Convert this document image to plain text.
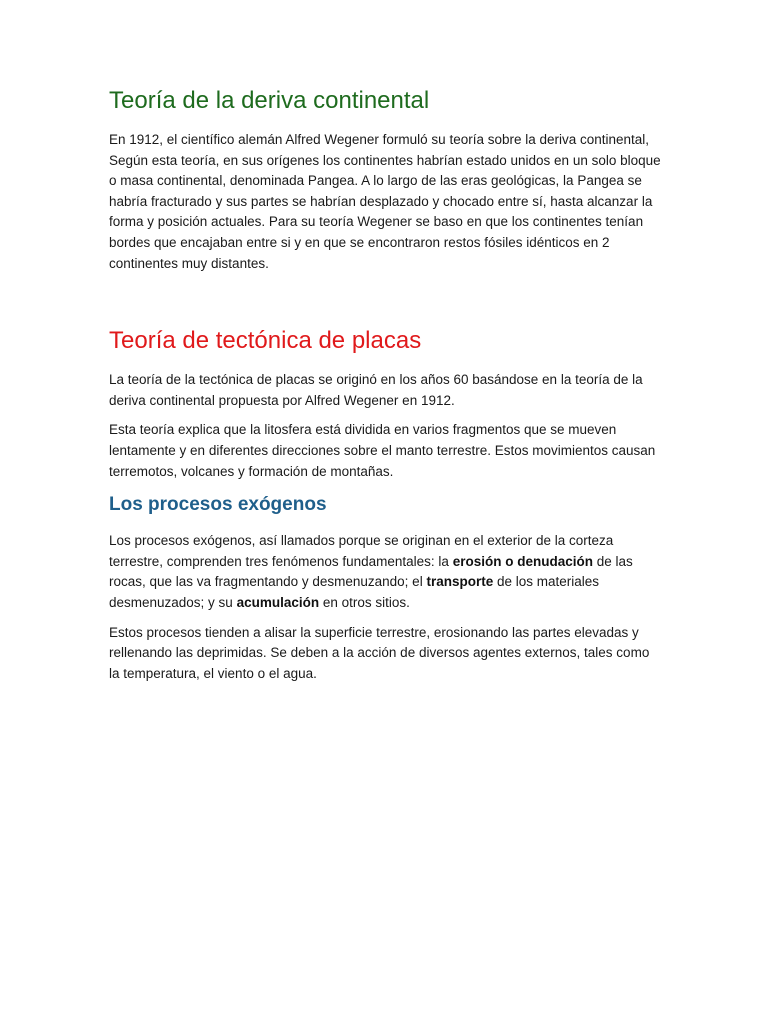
Teoría de la deriva continental

En 1912, el científico alemán Alfred Wegener formuló su teoría sobre la deriva continental, Según esta teoría, en sus orígenes los continentes habrían estado unidos en un solo bloque o masa continental, denominada Pangea. A lo largo de las eras geológicas, la Pangea se habría fracturado y sus partes se habrían desplazado y chocado entre sí, hasta alcanzar la forma y posición actuales. Para su teoría Wegener se baso en que los continentes tenían bordes que encajaban entre si y en que se encontraron restos fósiles idénticos en 2 continentes muy distantes.

Teoría de tectónica de placas

La teoría de la tectónica de placas se originó en los años 60 basándose en la teoría de la deriva continental propuesta por Alfred Wegener en 1912.

Esta teoría explica que la litosfera está dividida en varios fragmentos que se mueven lentamente y en diferentes direcciones sobre el manto terrestre. Estos movimientos causan terremotos, volcanes y formación de montañas.

Los procesos exógenos

Los procesos exógenos, así llamados porque se originan en el exterior de la corteza terrestre, comprenden tres fenómenos fundamentales: la erosión o denudación de las rocas, que las va fragmentando y desmenuzando; el transporte de los materiales desmenuzados; y su acumulación en otros sitios.

Estos procesos tienden a alisar la superficie terrestre, erosionando las partes elevadas y rellenando las deprimidas. Se deben a la acción de diversos agentes externos, tales como la temperatura, el viento o el agua.
